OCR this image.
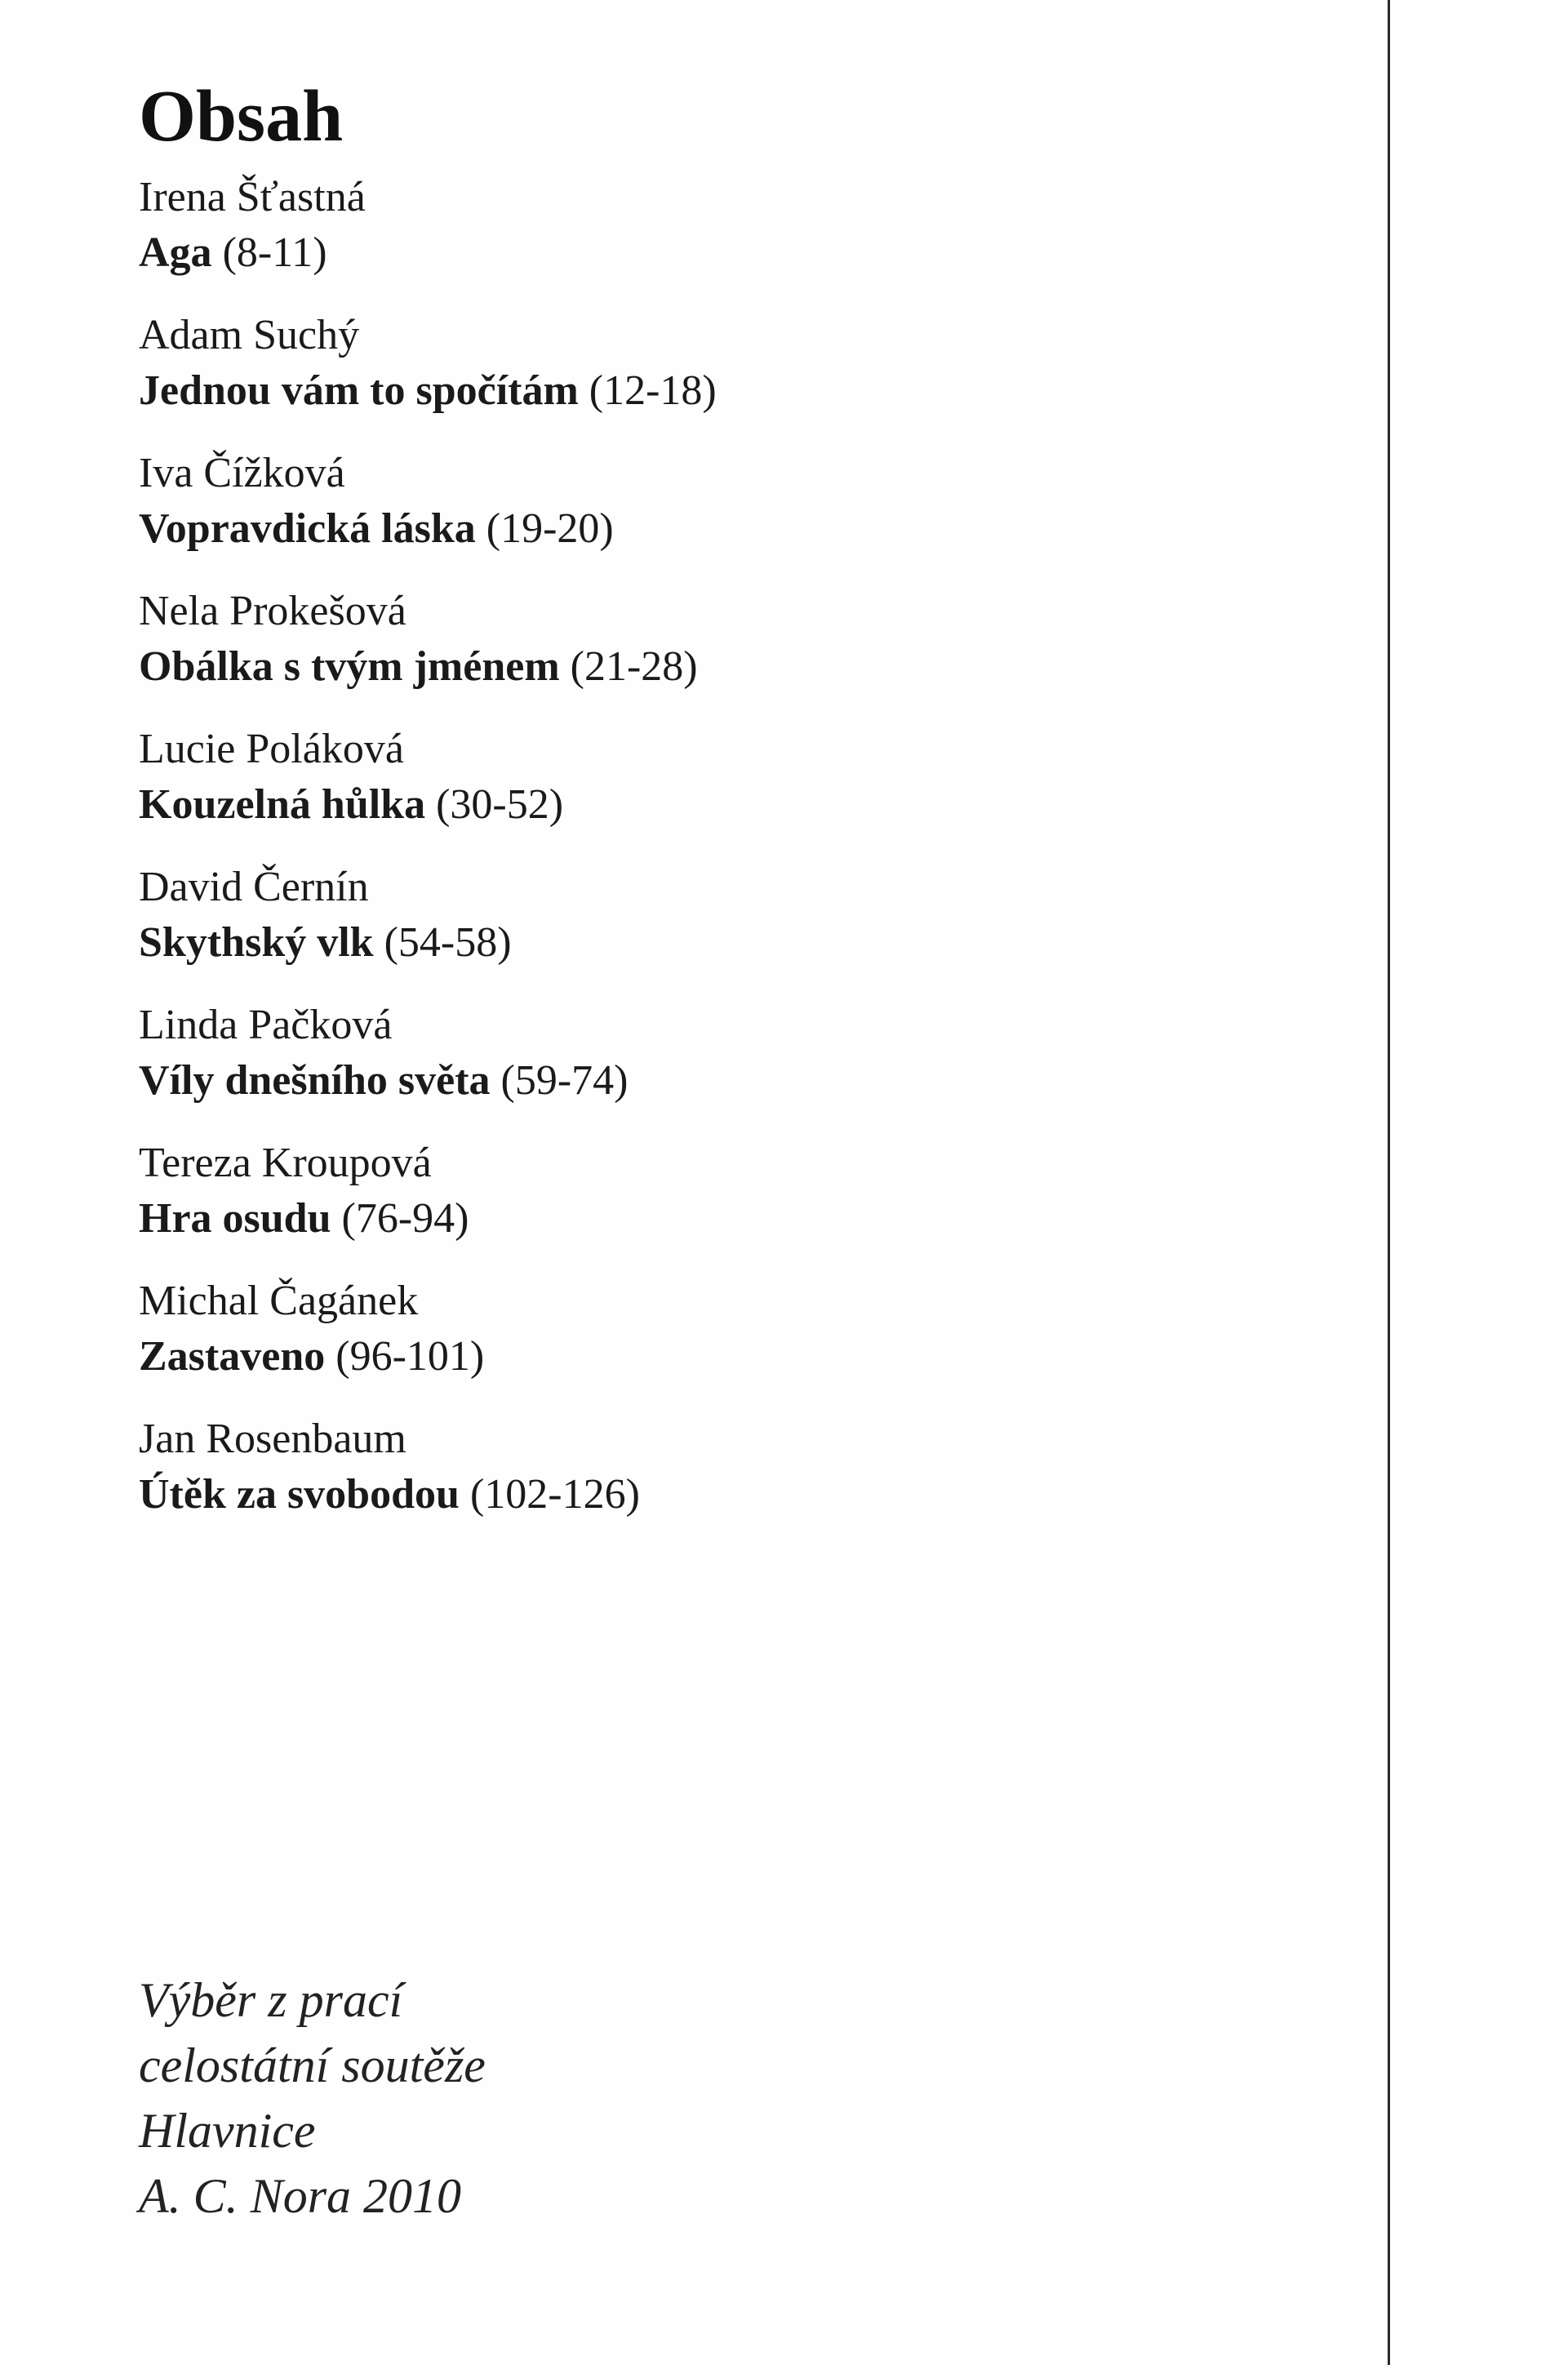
Obsah
Irena Šťastná
Aga (8-11)
Adam Suchý
Jednou vám to spočítám (12-18)
Iva Čížková
Vopravdická láska (19-20)
Nela Prokešová
Obálka s tvým jménem (21-28)
Lucie Poláková
Kouzelná hůlka (30-52)
David Černín
Skythský vlk (54-58)
Linda Pačková
Víly dnešního světa (59-74)
Tereza Kroupová
Hra osudu (76-94)
Michal Čagánek
Zastaveno (96-101)
Jan Rosenbaum
Útěk za svobodou (102-126)
Výběr z prací
celostátní soutěže
Hlavnice
A. C. Nora 2010
